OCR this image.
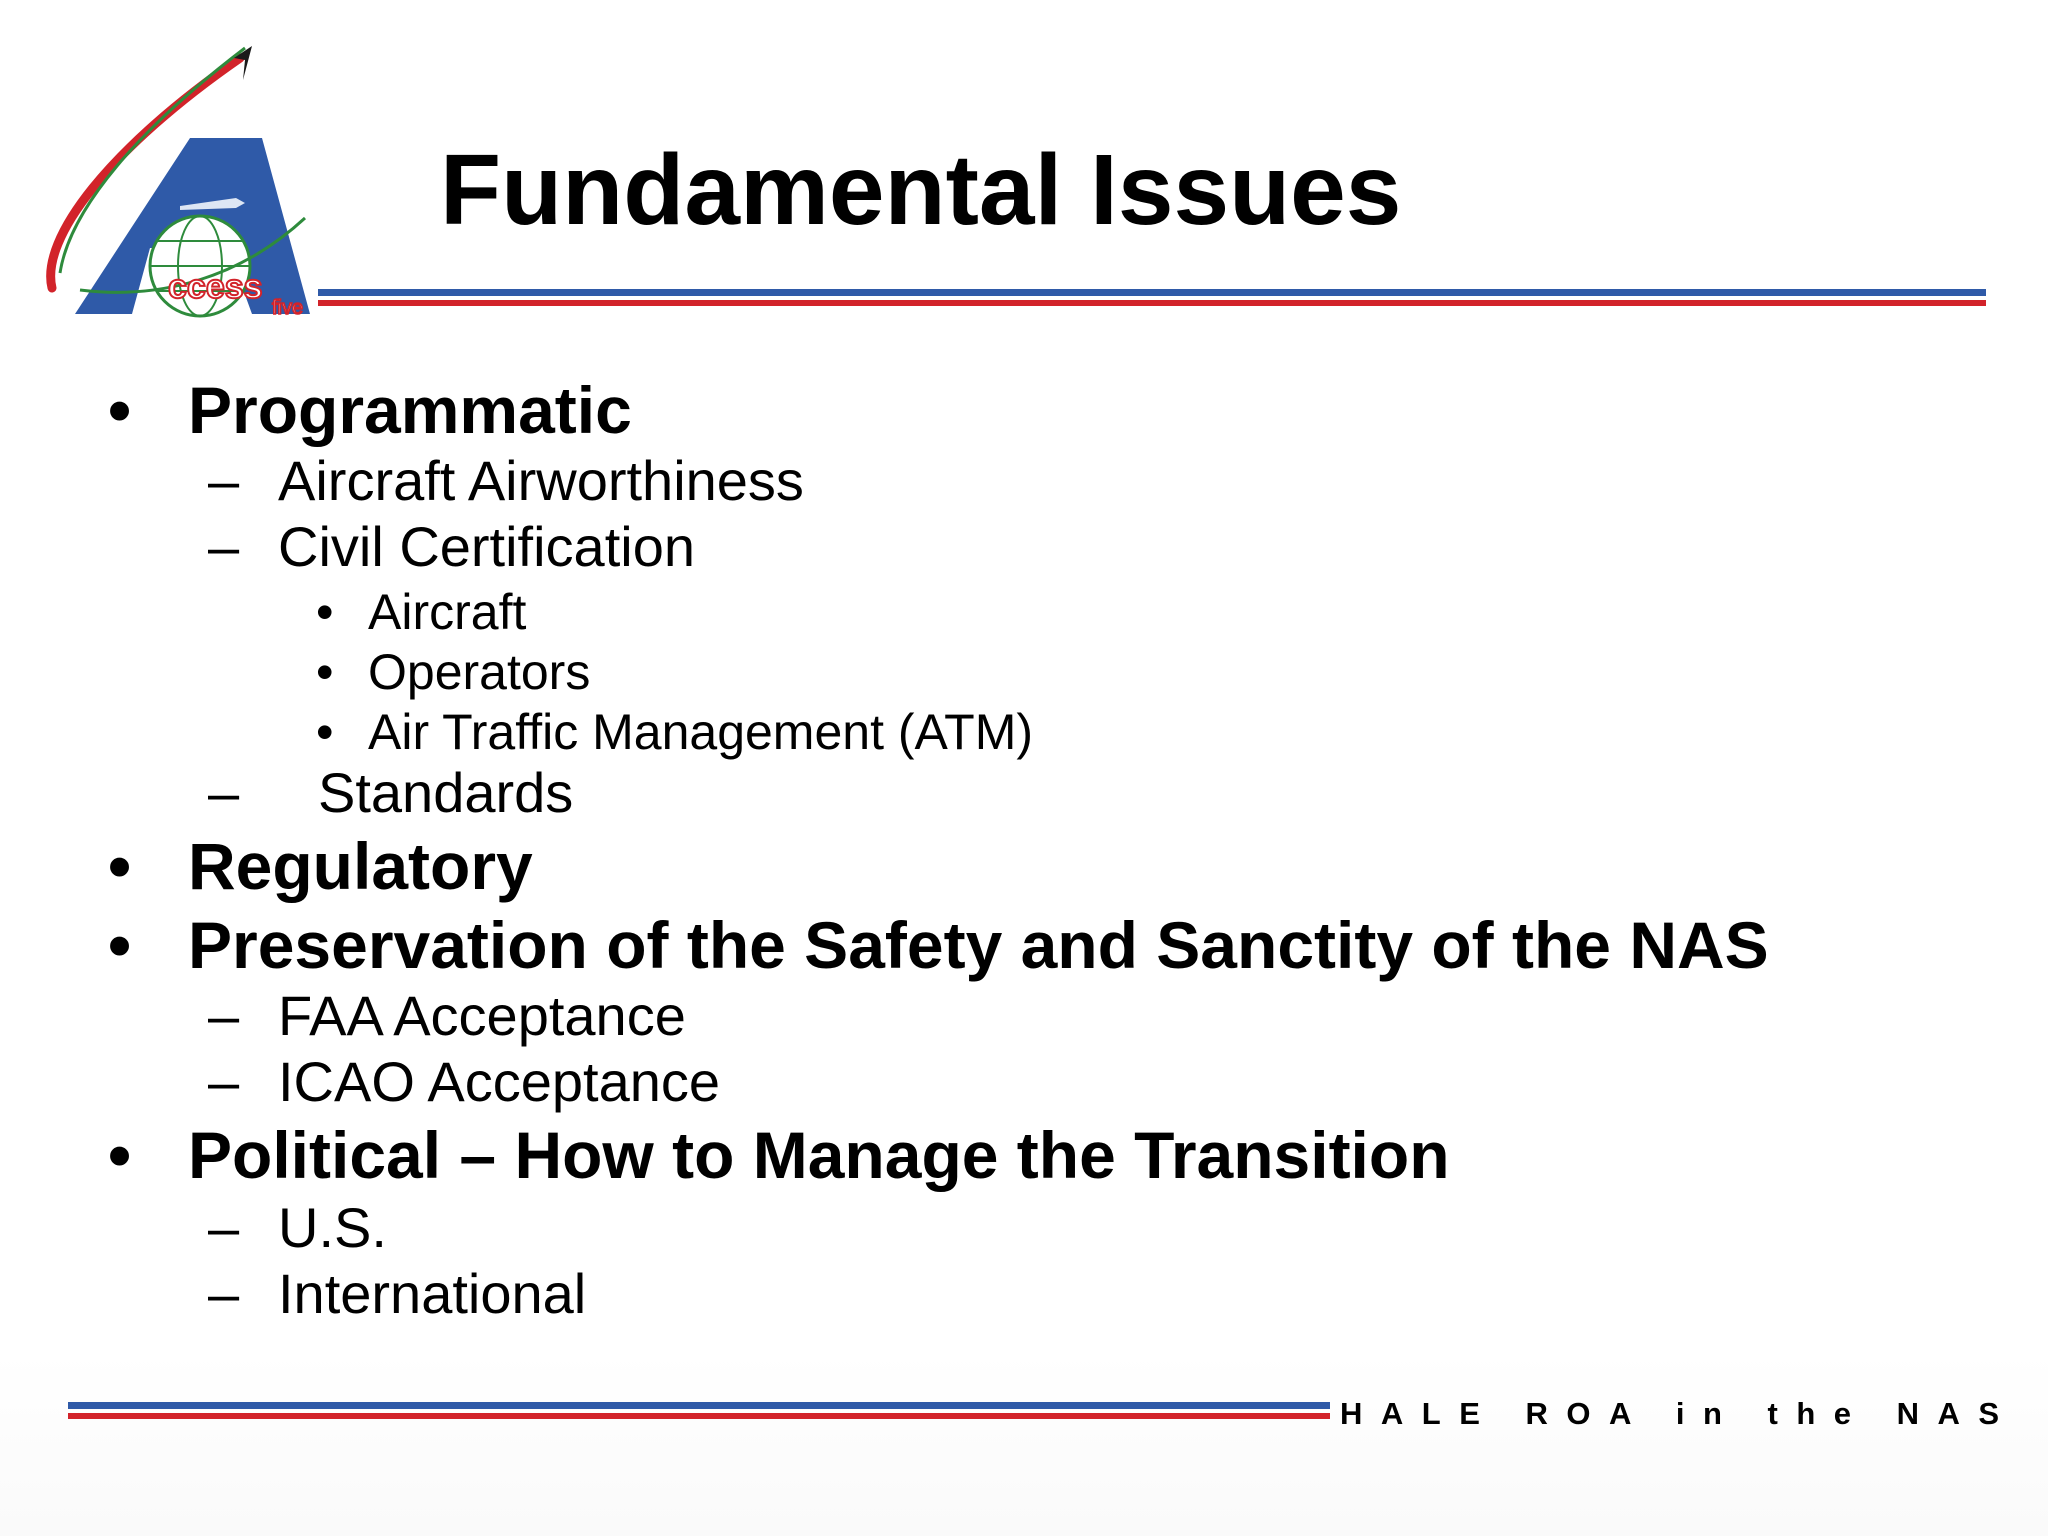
ccess
five
Fundamental Issues
• Programmatic
– Aircraft Airworthiness
– Civil Certification
• Aircraft
• Operators
• Air Traffic Management (ATM)
– Standards
• Regulatory
• Preservation of the Safety and Sanctity of the NAS
– FAA Acceptance
– ICAO Acceptance
• Political – How to Manage the Transition
– U.S.
– International
HALE ROA in the NAS
